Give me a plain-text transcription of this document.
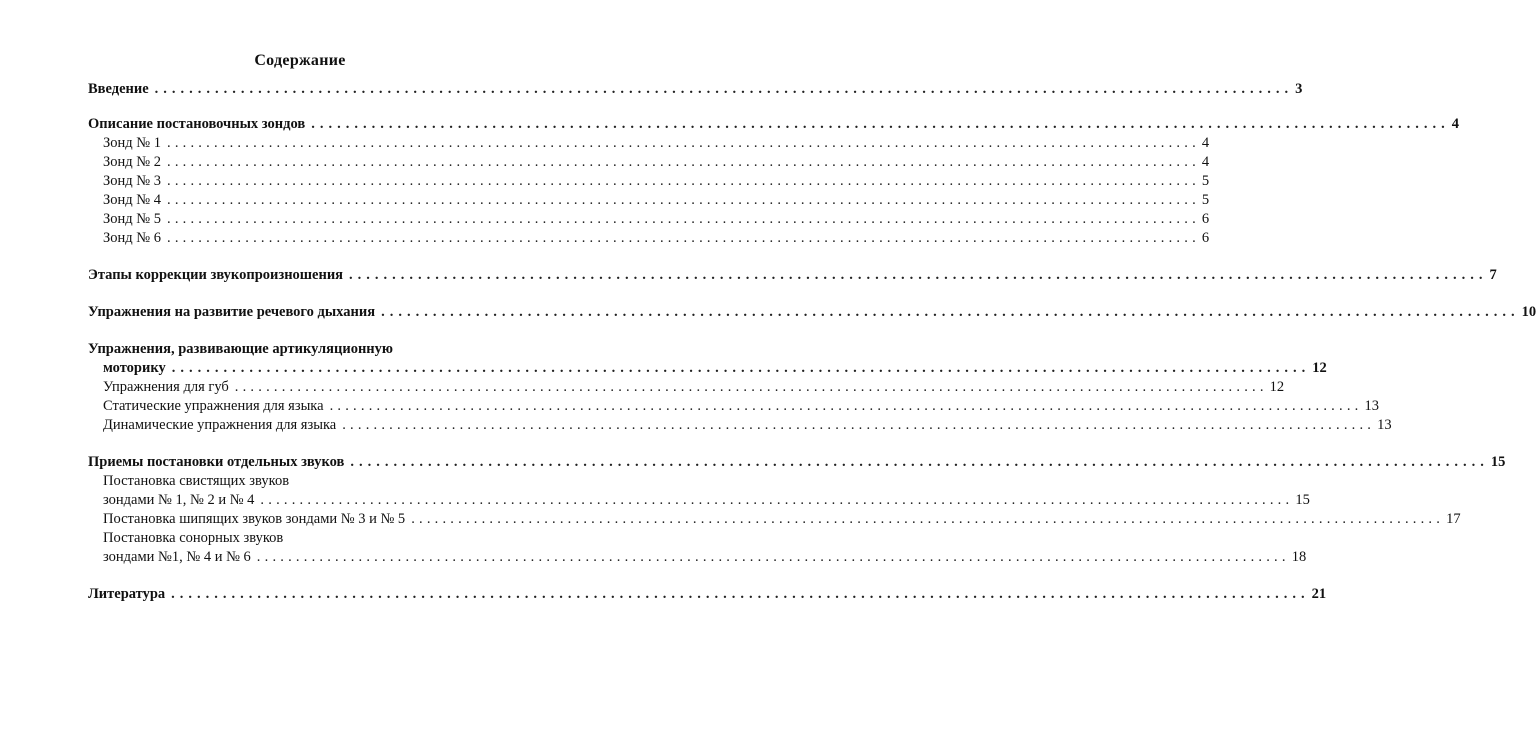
Содержание
Введение .................................................................................................................................... 3
Описание постановочных зондов .................................................................................................................................... 4
Зонд № 1 .................................................................................................................................... 4
Зонд № 2 .................................................................................................................................... 4
Зонд № 3 .................................................................................................................................... 5
Зонд № 4 .................................................................................................................................... 5
Зонд № 5 .................................................................................................................................... 6
Зонд № 6 .................................................................................................................................... 6
Этапы коррекции звукопроизношения .................................................................................................................................... 7
Упражнения на развитие речевого дыхания .................................................................................................................................... 10
Упражнения, развивающие артикуляционную
моторику .................................................................................................................................... 12
Упражнения для губ .................................................................................................................................... 12
Статические упражнения для языка .................................................................................................................................... 13
Динамические упражнения для языка .................................................................................................................................... 13
Приемы постановки отдельных звуков .................................................................................................................................... 15
Постановка свистящих звуков
зондами № 1, № 2 и № 4 .................................................................................................................................... 15
Постановка шипящих звуков зондами № 3 и № 5 .................................................................................................................................... 17
Постановка сонорных звуков
зондами №1, № 4 и № 6 .................................................................................................................................... 18
Литература .................................................................................................................................... 21
